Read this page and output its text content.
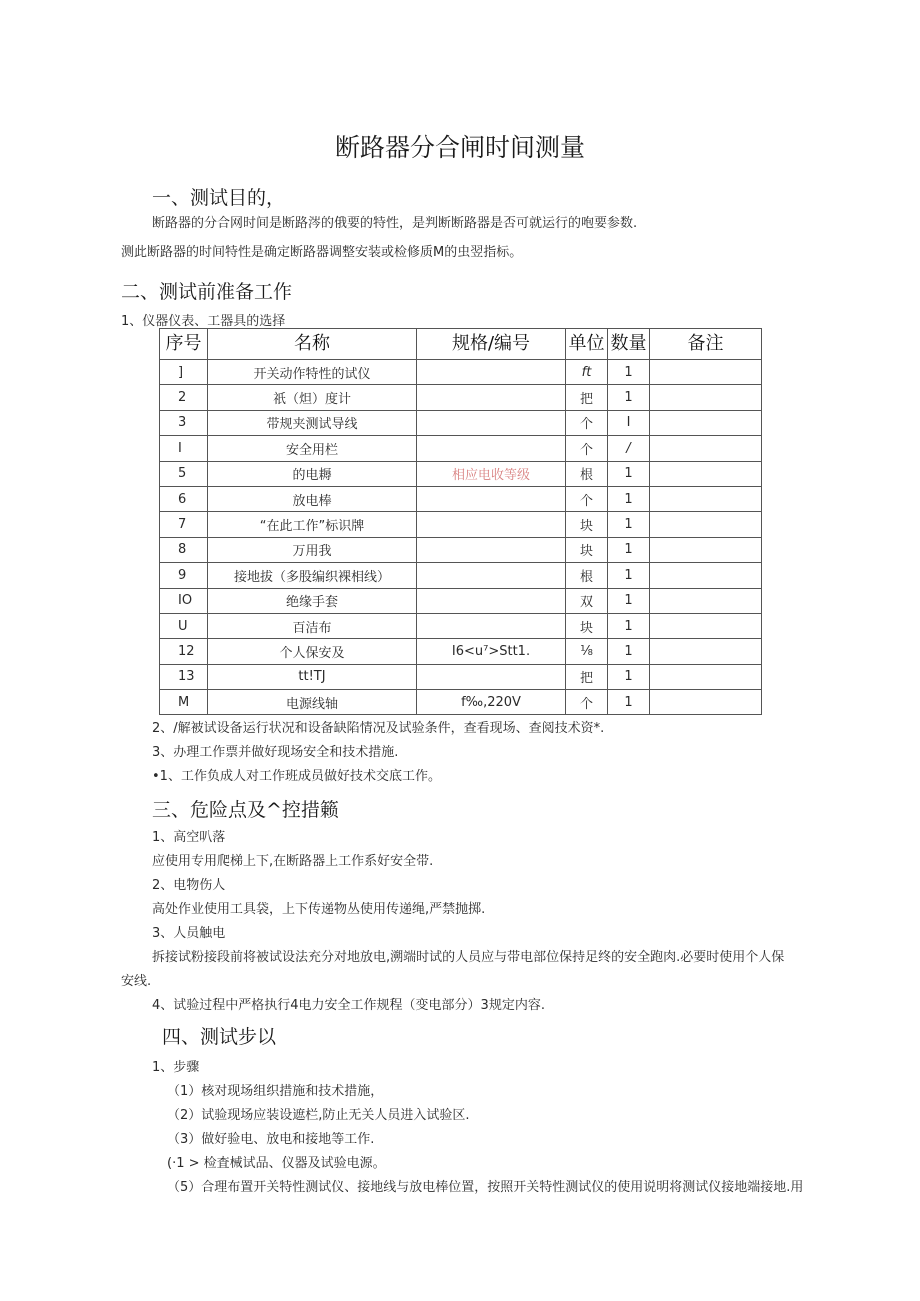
断路器分合闸时间测量
一、测试目的，
断路器的分合网时间是断路涔的俄要的特性，是判断断路器是否可就运行的咆要参数.
测此断路器的时间特性是确定断路器调整安装或检修质M的虫翌指标。
二、测试前准备工作
1、仪器仪表、工器具的选择
序号	名称	规格/编号	单位	数量	备注
]	开关动作特性的试仪		ft	1	
2	祇（炟）度计		把	1	
3	带规夹测试导线		个	I	
I	安全用栏		个	/	
5	的电耨	相应电收等级	根	1	
6	放电棒		个	1	
7	“在此工作”标识牌		块	1	
8	万用我		块	1	
9	接地拔（多股编织裸相线）		根	1	
IO	绝缘手套		双	1	
U	百洁布		块	1	
12	个人保安及	I6<u⁷>Stt1.	⅛	1	
13	tt!TJ		把	1	
M	电源线轴	f‰,220V	个	1	
2、/解被试设备运行状况和设备缺陷情况及试验条件，查看现场、查阅技术资*.
3、办理工作票并做好现场安全和技术措施.
•1、工作负成人对工作班成员做好技术交底工作。
三、危险点及^控措籁
1、高空叭落
应使用专用爬梯上下,在断路器上工作系好安全带.
2、电物伤人
高处作业使用工具袋，上下传递物丛使用传递绳,严禁抛掷.
3、人员触电
拆接试粉接段前将被试设法充分对地放电,溯端时试的人员应与带电部位保持足终的安全跑肉.必要时使用个人保
安线.
4、试验过程中严格执行4电力安全工作规程（变电部分）3规定内容.
四、测试步以
1、步骤
（1）核对现场组织措施和技术措施，
（2）试验现场应装设遮栏,防止无关人员进入试验区.
（3）做好验电、放电和接地等工作.
(·1 > 检査械试品、仪器及试验电源。
（5）合理布置开关特性测试仪、接地线与放电棒位置，按照开关特性测试仪的使用说明将测试仪接地端接地.用
